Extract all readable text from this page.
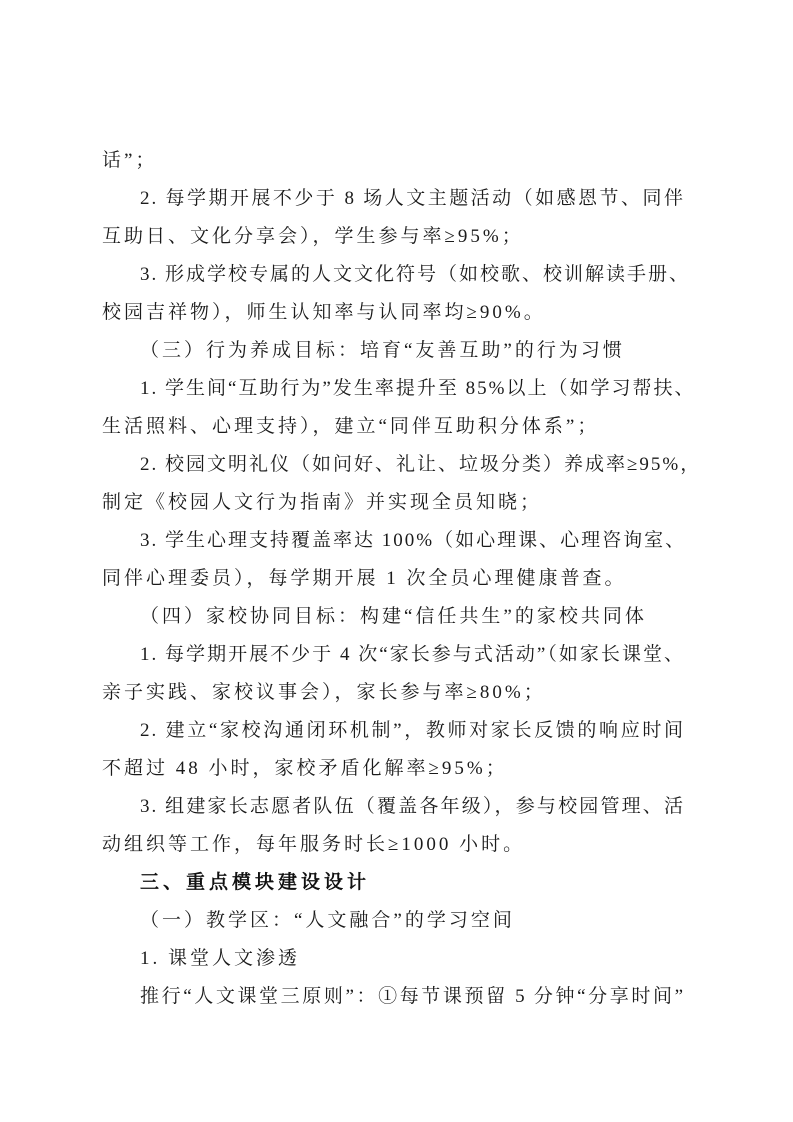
话”；
2. 每学期开展不少于 8 场人文主题活动（如感恩节、同伴
互助日、文化分享会），学生参与率≥95%；
3. 形成学校专属的人文文化符号（如校歌、校训解读手册、
校园吉祥物），师生认知率与认同率均≥90%。
（三）行为养成目标：培育“友善互助”的行为习惯
1. 学生间“互助行为”发生率提升至 85%以上（如学习帮扶、
生活照料、心理支持），建立“同伴互助积分体系”；
2. 校园文明礼仪（如问好、礼让、垃圾分类）养成率≥95%，
制定《校园人文行为指南》并实现全员知晓；
3. 学生心理支持覆盖率达 100%（如心理课、心理咨询室、
同伴心理委员），每学期开展 1 次全员心理健康普查。
（四）家校协同目标：构建“信任共生”的家校共同体
1. 每学期开展不少于 4 次“家长参与式活动”（如家长课堂、
亲子实践、家校议事会），家长参与率≥80%；
2. 建立“家校沟通闭环机制”，教师对家长反馈的响应时间
不超过 48 小时，家校矛盾化解率≥95%；
3. 组建家长志愿者队伍（覆盖各年级），参与校园管理、活
动组织等工作，每年服务时长≥1000 小时。
三、重点模块建设设计
（一）教学区：“人文融合”的学习空间
1. 课堂人文渗透
推行“人文课堂三原则”：①每节课预留 5 分钟“分享时间”
